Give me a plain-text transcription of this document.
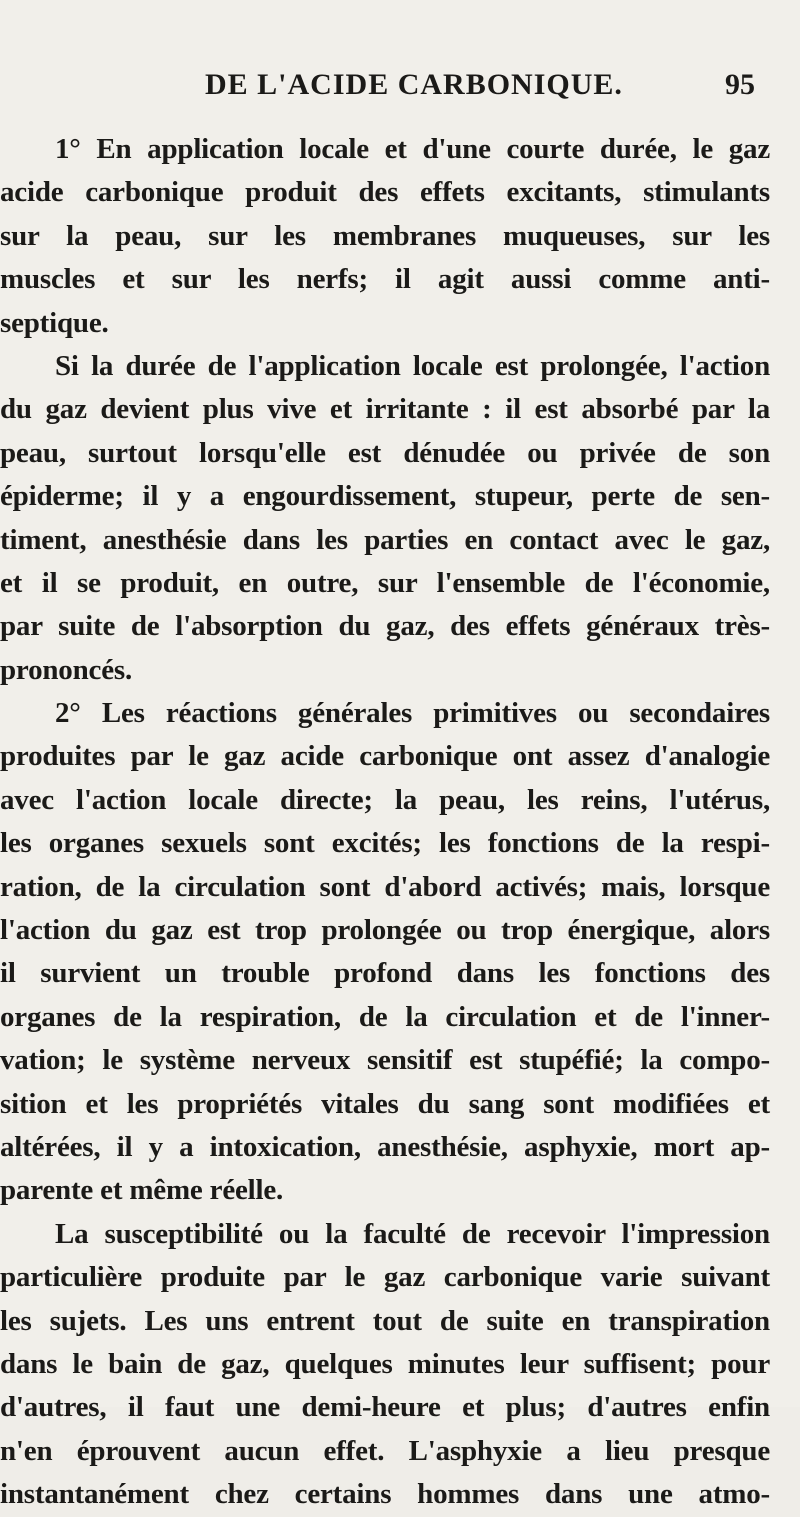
DE L'ACIDE CARBONIQUE.	95
1° En application locale et d'une courte durée, le gaz
acide carbonique produit des effets excitants, stimulants
sur la peau, sur les membranes muqueuses, sur les
muscles et sur les nerfs; il agit aussi comme anti-
septique.
Si la durée de l'application locale est prolongée, l'action
du gaz devient plus vive et irritante : il est absorbé par la
peau, surtout lorsqu'elle est dénudée ou privée de son
épiderme; il y a engourdissement, stupeur, perte de sen-
timent, anesthésie dans les parties en contact avec le gaz,
et il se produit, en outre, sur l'ensemble de l'économie,
par suite de l'absorption du gaz, des effets généraux très-
prononcés.
2° Les réactions générales primitives ou secondaires
produites par le gaz acide carbonique ont assez d'analogie
avec l'action locale directe; la peau, les reins, l'utérus,
les organes sexuels sont excités; les fonctions de la respi-
ration, de la circulation sont d'abord activés; mais, lorsque
l'action du gaz est trop prolongée ou trop énergique, alors
il survient un trouble profond dans les fonctions des
organes de la respiration, de la circulation et de l'inner-
vation; le système nerveux sensitif est stupéfié; la compo-
sition et les propriétés vitales du sang sont modifiées et
altérées, il y a intoxication, anesthésie, asphyxie, mort ap-
parente et même réelle.
La susceptibilité ou la faculté de recevoir l'impression
particulière produite par le gaz carbonique varie suivant
les sujets. Les uns entrent tout de suite en transpiration
dans le bain de gaz, quelques minutes leur suffisent; pour
d'autres, il faut une demi-heure et plus; d'autres enfin
n'en éprouvent aucun effet. L'asphyxie a lieu presque
instantanément chez certains hommes dans une atmo-
